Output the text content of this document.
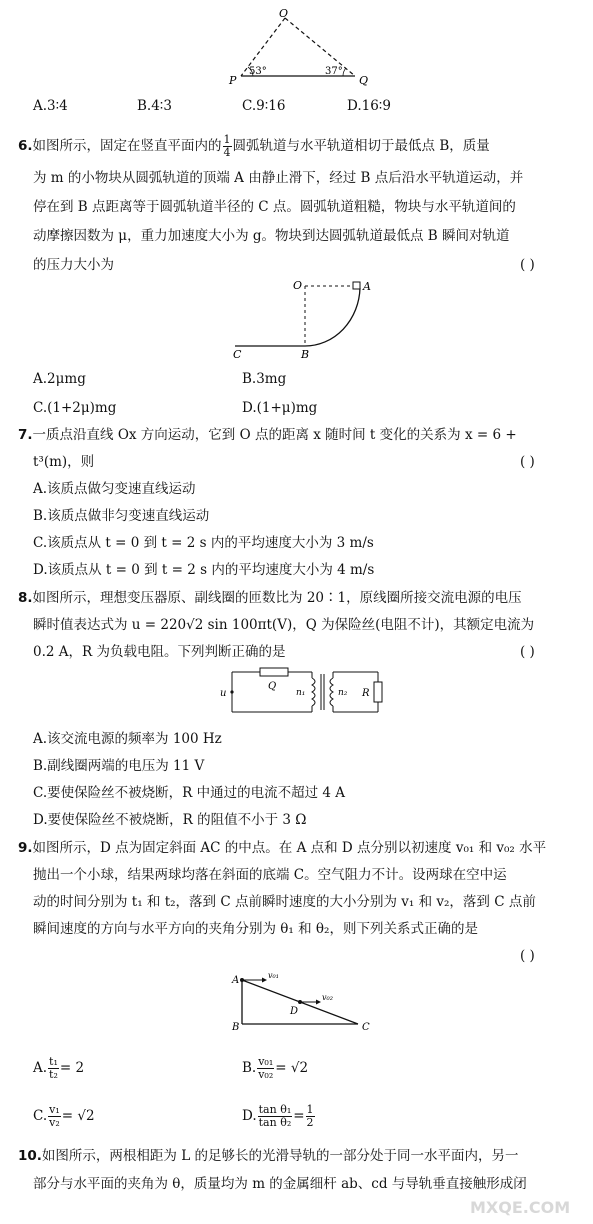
O
P	Q
53°	37°
A.3∶4	B.4∶3	C.9∶16	D.16∶9
6.如图所示，固定在竖直平面内的 $\frac{1}{4}$ 圆弧轨道与水平轨道相切于最低点 B，质量
为 m 的小物块从圆弧轨道的顶端 A 由静止滑下，经过 B 点后沿水平轨道运动，并
停在到 B 点距离等于圆弧轨道半径的 C 点。圆弧轨道粗糙，物块与水平轨道间的
动摩擦因数为 μ，重力加速度大小为 g。物块到达圆弧轨道最低点 B 瞬间对轨道
的压力大小为	( )
O	A
C	B
A.2μmg	B.3mg
C.(1+2μ)mg	D.(1+μ)mg
7.一质点沿直线 Ox 方向运动，它到 O 点的距离 x 随时间 t 变化的关系为 x = 6 +
t³(m)，则	( )
A.该质点做匀变速直线运动
B.该质点做非匀变速直线运动
C.该质点从 t = 0 到 t = 2 s 内的平均速度大小为 3 m/s
D.该质点从 t = 0 到 t = 2 s 内的平均速度大小为 4 m/s
8.如图所示，理想变压器原、副线圈的匝数比为 20∶1，原线圈所接交流电源的电压
瞬时值表达式为 u = 220√2 sin 100πt(V)，Q 为保险丝(电阻不计)，其额定电流为
0.2 A，R 为负载电阻。下列判断正确的是	( )
u
Q
n₁	n₂ R
A.该交流电源的频率为 100 Hz
B.副线圈两端的电压为 11 V
C.要使保险丝不被烧断，R 中通过的电流不超过 4 A
D.要使保险丝不被烧断，R 的阻值不小于 3 Ω
9.如图所示，D 点为固定斜面 AC 的中点。在 A 点和 D 点分别以初速度 v₀₁ 和 v₀₂ 水平
抛出一个小球，结果两球均落在斜面的底端 C。空气阻力不计。设两球在空中运
动的时间分别为 t₁ 和 t₂，落到 C 点前瞬时速度的大小分别为 v₁ 和 v₂，落到 C 点前
瞬间速度的方向与水平方向的夹角分别为 θ₁ 和 θ₂，则下列关系式正确的是
( )
A
B	C
D
v₀₁
v₀₂
A. $\frac{\text{t₁}}{\text{t₂}} = 2$	B. $\frac{\text{v₀₁}}{\text{v₀₂}} = √2$
C. $\frac{\text{v₁}}{\text{v₂}} = √2$	D. $\frac{\text{tan θ₁}}{\text{tan θ₂}} = \frac{1}{2}$
10.如图所示，两根相距为 L 的足够长的光滑导轨的一部分处于同一水平面内，另一
部分与水平面的夹角为 θ，质量均为 m 的金属细杆 ab、cd 与导轨垂直接触形成闭
MXQE.COM
